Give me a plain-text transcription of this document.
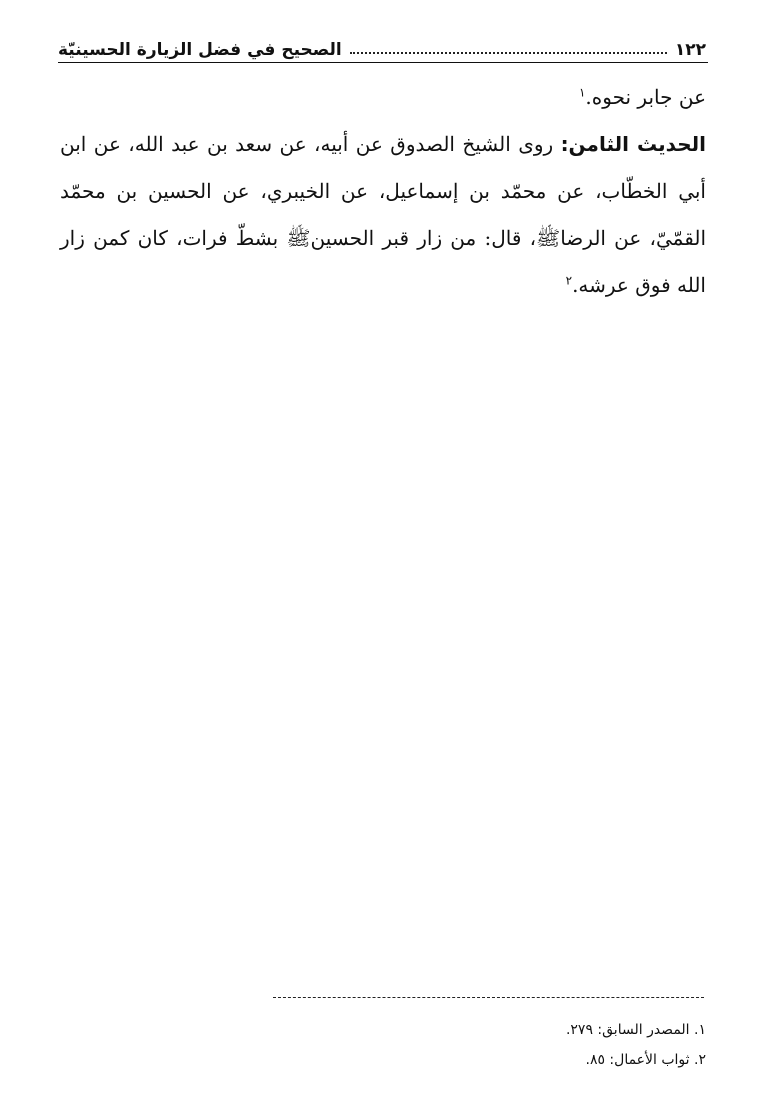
١٢٢
الصحيح في فضل الزيارة الحسينيّة

عن جابر نحوه.$^١$

الحديث الثامن: روى الشيخ الصدوق عن أبيه، عن سعد بن عبد الله، عن ابن أبي الخطّاب، عن محمّد بن إسماعيل، عن الخيبري، عن الحسين بن محمّد القمّيّ، عن الرضاﷺ، قال: من زار قبر الحسينﷺ بشطّ فرات، كان كمن زار الله فوق عرشه.$^٢$

١. المصدر السابق: ٢٧٩.

٢. ثواب الأعمال: ٨٥.
